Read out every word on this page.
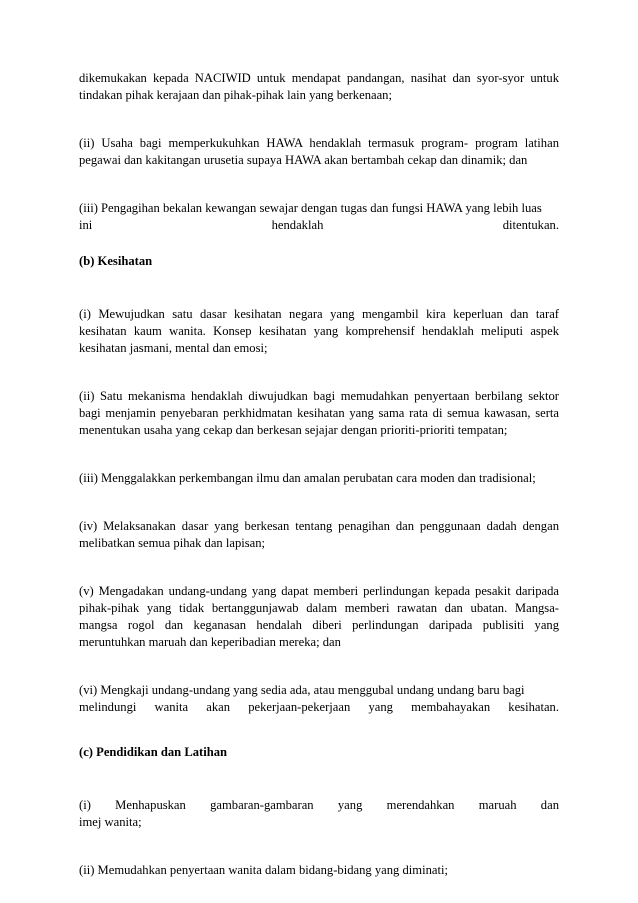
dikemukakan kepada NACIWID untuk mendapat pandangan, nasihat dan syor-syor untuk tindakan pihak kerajaan dan pihak-pihak lain yang berkenaan;
(ii) Usaha bagi memperkukuhkan HAWA hendaklah termasuk program- program latihan pegawai dan kakitangan urusetia supaya HAWA akan bertambah cekap dan dinamik; dan
(iii) Pengagihan bekalan kewangan sewajar dengan tugas dan fungsi HAWA yang lebih luas
ini hendaklah ditentukan.
(b) Kesihatan
(i) Mewujudkan satu dasar kesihatan negara yang mengambil kira keperluan dan taraf kesihatan kaum wanita. Konsep kesihatan yang komprehensif hendaklah meliputi aspek kesihatan jasmani, mental dan emosi;
(ii) Satu mekanisma hendaklah diwujudkan bagi memudahkan penyertaan berbilang sektor bagi menjamin penyebaran perkhidmatan kesihatan yang sama rata di semua kawasan, serta menentukan usaha yang cekap dan berkesan sejajar dengan prioriti-prioriti tempatan;
(iii) Menggalakkan perkembangan ilmu dan amalan perubatan cara moden dan tradisional;
(iv) Melaksanakan dasar yang berkesan tentang penagihan dan penggunaan dadah dengan melibatkan semua pihak dan lapisan;
(v) Mengadakan undang-undang yang dapat memberi perlindungan kepada pesakit daripada pihak-pihak yang tidak bertanggunjawab dalam memberi rawatan dan ubatan. Mangsa- mangsa rogol dan keganasan hendalah diberi perlindungan daripada publisiti yang meruntuhkan maruah dan keperibadian mereka; dan
(vi) Mengkaji undang-undang yang sedia ada, atau menggubal undang undang baru bagi
melindungi wanita akan pekerjaan-pekerjaan yang membahayakan kesihatan.
(c) Pendidikan dan Latihan
(i) Menhapuskan gambaran-gambaran yang merendahkan maruah dan
imej wanita;
(ii) Memudahkan penyertaan wanita dalam bidang-bidang yang diminati;
